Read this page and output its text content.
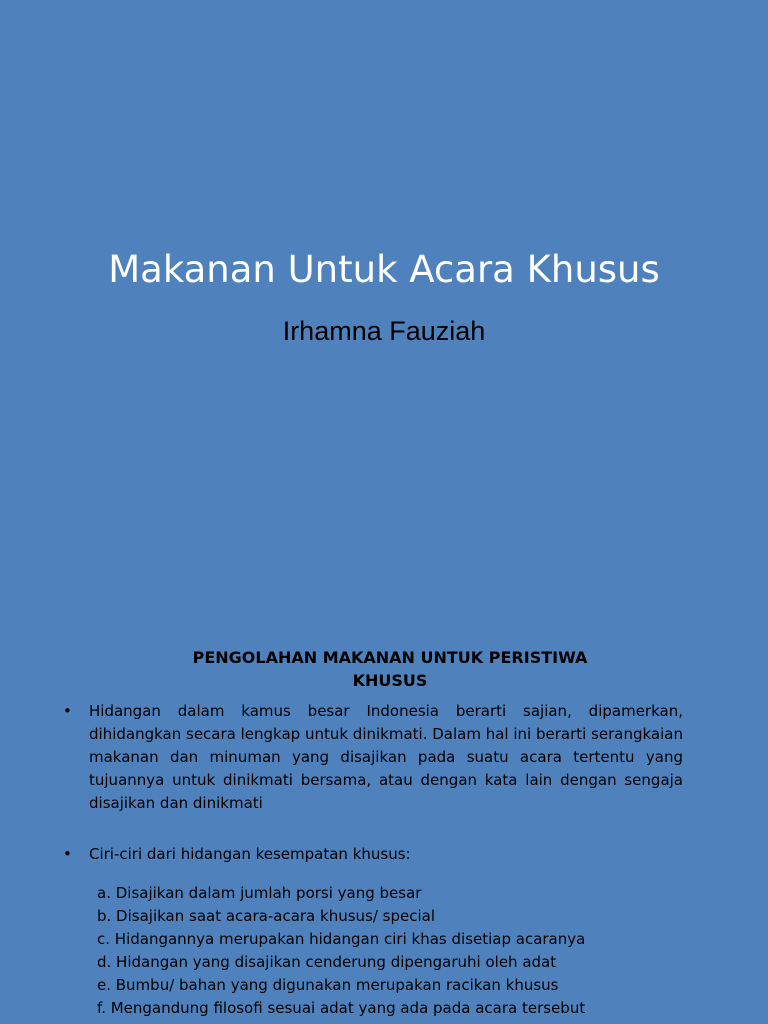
Makanan Untuk Acara Khusus
Irhamna Fauziah
PENGOLAHAN MAKANAN UNTUK PERISTIWA KHUSUS
•	Hidangan dalam kamus besar Indonesia berarti sajian, dipamerkan, dihidangkan secara lengkap untuk dinikmati. Dalam hal ini berarti serangkaian makanan dan minuman yang disajikan pada suatu acara tertentu yang tujuannya untuk dinikmati bersama, atau dengan kata lain dengan sengaja disajikan dan dinikmati
•	Ciri-ciri dari hidangan kesempatan khusus:
a. Disajikan dalam jumlah porsi yang besar
b. Disajikan saat acara-acara khusus/ special
c. Hidangannya merupakan hidangan ciri khas disetiap acaranya
d. Hidangan yang disajikan cenderung dipengaruhi oleh adat
e. Bumbu/ bahan yang digunakan merupakan racikan khusus
f. Mengandung filosofi sesuai adat yang ada pada acara tersebut
